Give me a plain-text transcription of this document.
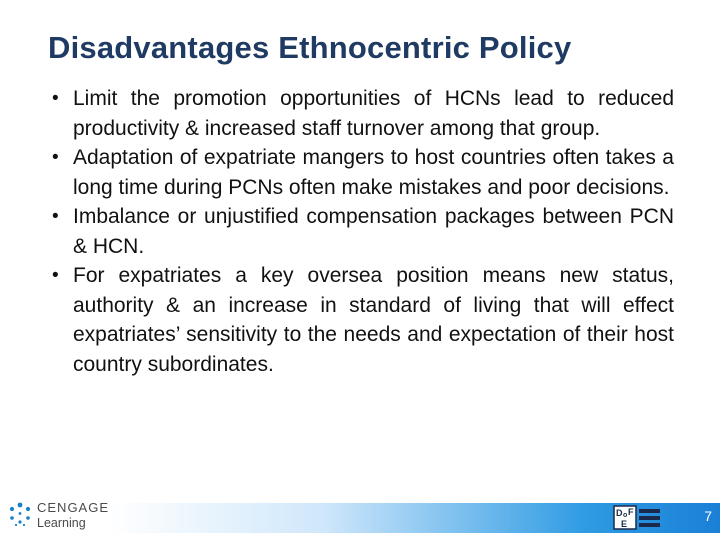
Disadvantages Ethnocentric Policy
• Limit the promotion opportunities of HCNs lead to reduced productivity & increased staff turnover among that group.
• Adaptation of expatriate mangers to host countries often takes a long time during PCNs often make mistakes and poor decisions.
• Imbalance or unjustified compensation packages between PCN & HCN.
• For expatriates a key oversea position means new status, authority & an increase in standard of living that will effect expatriates’ sensitivity to the needs and expectation of their host country subordinates.
CENGAGE
Learning
D o F
E	7
